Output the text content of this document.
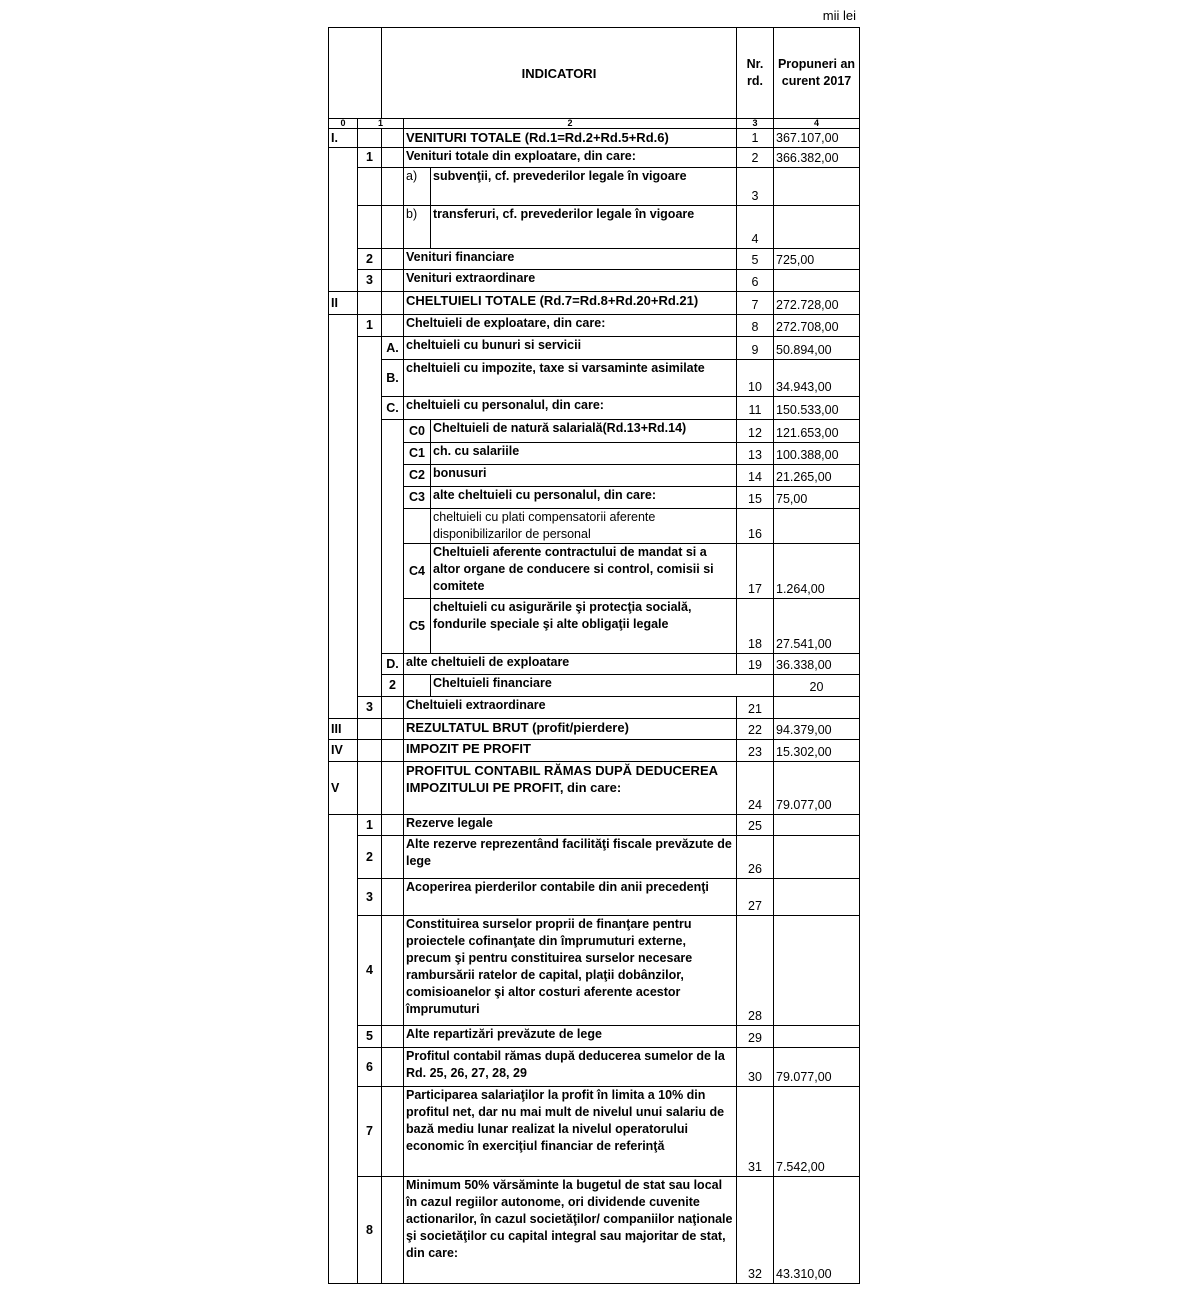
mii lei
		INDICATORI			Nr. rd.	Propuneri an curent 2017	
0	1		2		3	4	
I.			VENITURI TOTALE (Rd.1=Rd.2+Rd.5+Rd.6)		1	367.107,00	
	1		Venituri totale din exploatare, din care:		2	366.382,00	
			a)	subvenţii, cf. prevederilor legale în vigoare	3		
			b)	transferuri, cf. prevederilor legale în vigoare	4		
	2		Venituri financiare		5	725,00	
	3		Venituri extraordinare		6		
II			CHELTUIELI TOTALE (Rd.7=Rd.8+Rd.20+Rd.21)		7	272.728,00	
	1		Cheltuieli de exploatare, din care:		8	272.708,00	
		A.	cheltuieli cu bunuri si servicii		9	50.894,00	
		B.	cheltuieli cu impozite, taxe si varsaminte asimilate		10	34.943,00	
		C.	cheltuieli cu personalul, din care:		11	150.533,00	
			C0	Cheltuieli de natură salarială(Rd.13+Rd.14)	12	121.653,00	
			C1	ch. cu salariile	13	100.388,00	
			C2	bonusuri	14	21.265,00	
			C3	alte cheltuieli cu personalul, din care:	15	75,00	
				cheltuieli cu plati compensatorii aferente disponibilizarilor de personal	16		
			C4	Cheltuieli aferente contractului de mandat si a altor organe de conducere si control, comisii si comitete	17	1.264,00	
			C5	cheltuieli cu asigurările şi protecţia socială, fondurile speciale şi alte obligaţii legale	18	27.541,00	
		D.	alte cheltuieli de exploatare		19	36.338,00	
		2		Cheltuieli financiare		20	
	3		Cheltuieli extraordinare		21		
III			REZULTATUL BRUT (profit/pierdere)		22	94.379,00	
IV			IMPOZIT PE PROFIT		23	15.302,00	
V			PROFITUL CONTABIL RĂMAS DUPĂ DEDUCEREA IMPOZITULUI PE PROFIT, din care:		24	79.077,00	
	1		Rezerve legale		25		
	2		Alte rezerve reprezentând facilităţi fiscale prevăzute de lege		26		
	3		Acoperirea pierderilor contabile din anii precedenţi		27		
	4		Constituirea surselor proprii de finanţare pentru proiectele cofinanţate din împrumuturi externe, precum şi pentru constituirea surselor necesare rambursării ratelor de capital, plaţii dobânzilor, comisioanelor şi altor costuri aferente acestor împrumuturi		28		
	5		Alte repartizări prevăzute de lege		29		
	6		Profitul contabil rămas după deducerea sumelor de la Rd. 25, 26, 27, 28, 29		30	79.077,00	
	7		Participarea salariaţilor la profit în limita a 10% din profitul net, dar nu mai mult de nivelul unui salariu de bază mediu lunar realizat la nivelul operatorului economic în exerciţiul financiar de referinţă		31	7.542,00	
	8		Minimum 50% vărsăminte la bugetul de stat sau local în cazul regiilor autonome, ori dividende cuvenite actionarilor, în cazul societăţilor/ companiilor naţionale şi societăţilor cu capital integral sau majoritar de stat, din care:		32	43.310,00	
